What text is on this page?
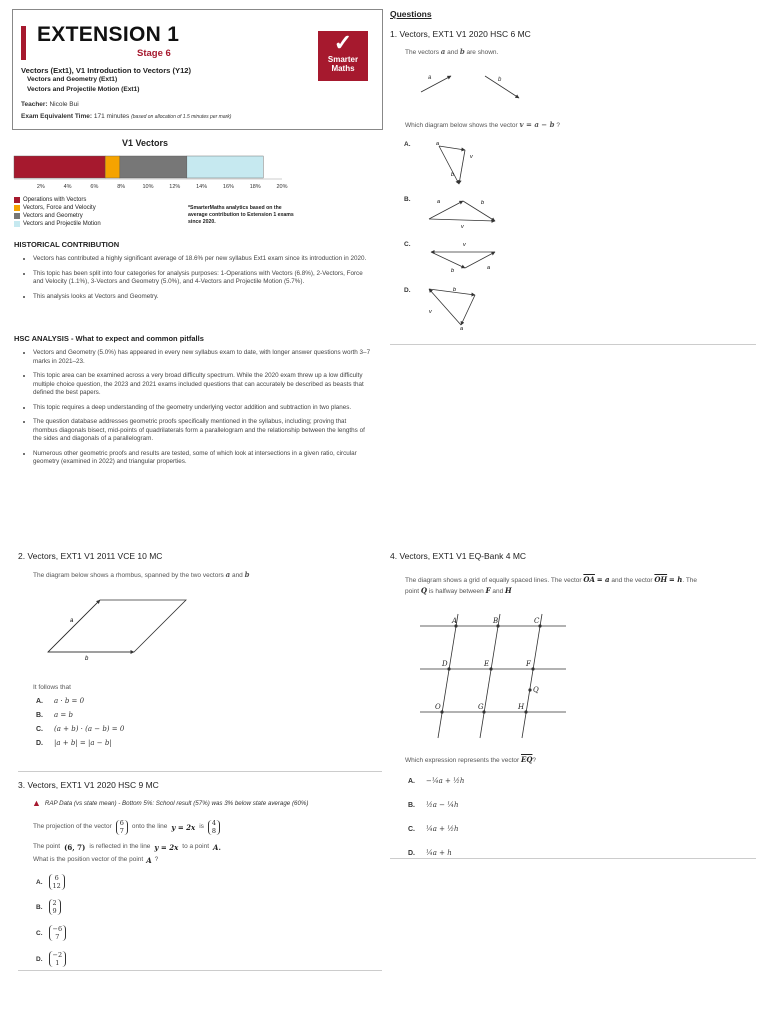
EXTENSION 1
Stage 6	✓
Smarter
Maths
Vectors (Ext1), V1 Introduction to Vectors (Y12)
Vectors and Geometry (Ext1)
Vectors and Projectile Motion (Ext1)
Teacher: Nicole Bui
Exam Equivalent Time: 171 minutes (based on allocation of 1.5 minutes per mark)
V1 Vectors
2%	4%	6%	8%	10%	12%	14%	16%	18%	20%
Operations with Vectors
Vectors, Force and Velocity
Vectors and Geometry
Vectors and Projectile Motion
*SmarterMaths analytics based on the average contribution to Extension 1 exams since 2020.
HISTORICAL CONTRIBUTION
• Vectors has contributed a highly significant average of 18.6% per new syllabus Ext1 exam since its introduction in 2020.
• This topic has been split into four categories for analysis purposes: 1-Operations with Vectors (6.8%), 2-Vectors, Force and Velocity (1.1%), 3-Vectors and Geometry (5.0%), and 4-Vectors and Projectile Motion (5.7%).
• This analysis looks at Vectors and Geometry.
HSC ANALYSIS - What to expect and common pitfalls
• Vectors and Geometry (5.0%) has appeared in every new syllabus exam to date, with longer answer questions worth 3–7 marks in 2021–23.
• This topic area can be examined across a very broad difficulty spectrum. While the 2020 exam threw up a low difficulty multiple choice question, the 2023 and 2021 exams included questions that can accurately be described as beasts that defined the best papers.
• This topic requires a deep understanding of the geometry underlying vector addition and subtraction in two planes.
• The question database addresses geometric proofs specifically mentioned in the syllabus, including; proving that rhombus diagonals bisect, mid-points of quadrilaterals form a parallelogram and the relationship between the lengths of the sides and diagonals of a parallelogram.
• Numerous other geometric proofs and results are tested, some of which look at intersections in a given ratio, circular geometry (examined in 2022) and triangular properties.
Questions
1. Vectors, EXT1 V1 2020 HSC 6 MC
The vectors a and b are shown.
a	b
Which diagram below shows the vector v = a − b ?
A.	a
v
b
B.	a	b
v
C.	v
b	a
D.	b
v
a
2. Vectors, EXT1 V1 2011 VCE 10 MC
The diagram below shows a rhombus, spanned by the two vectors a and b
a
b
It follows that
A.	a · b = 0
B.	a = b
C.	(a + b) · (a − b) = 0
D.	|a + b| = |a − b|
3. Vectors, EXT1 V1 2020 HSC 9 MC
▲ RAP Data (vs state mean) - Bottom 5%: School result (57%) was 3% below state average (60%)
The projection of the vector 6
7 onto the line y = 2x is 4
8
The point (6, 7) is reflected in the line y = 2x to a point A.
What is the position vector of the point A ?
A. 6
12
B. 2
9
C. −6
7
D. −2
1
4. Vectors, EXT1 V1 EQ-Bank 4 MC
The diagram shows a grid of equally spaced lines. The vector $\overline{OA} = a$ and the vector $\overline{OH} = h$. The
point Q is halfway between F and H
A	B	C
D	E	F
O	G	H
Q
Which expression represents the vector $\overline{EQ}$?
A.	−¼a + ½h
B.	½a − ¼h
C.	¼a + ½h
D.	¼a + h
